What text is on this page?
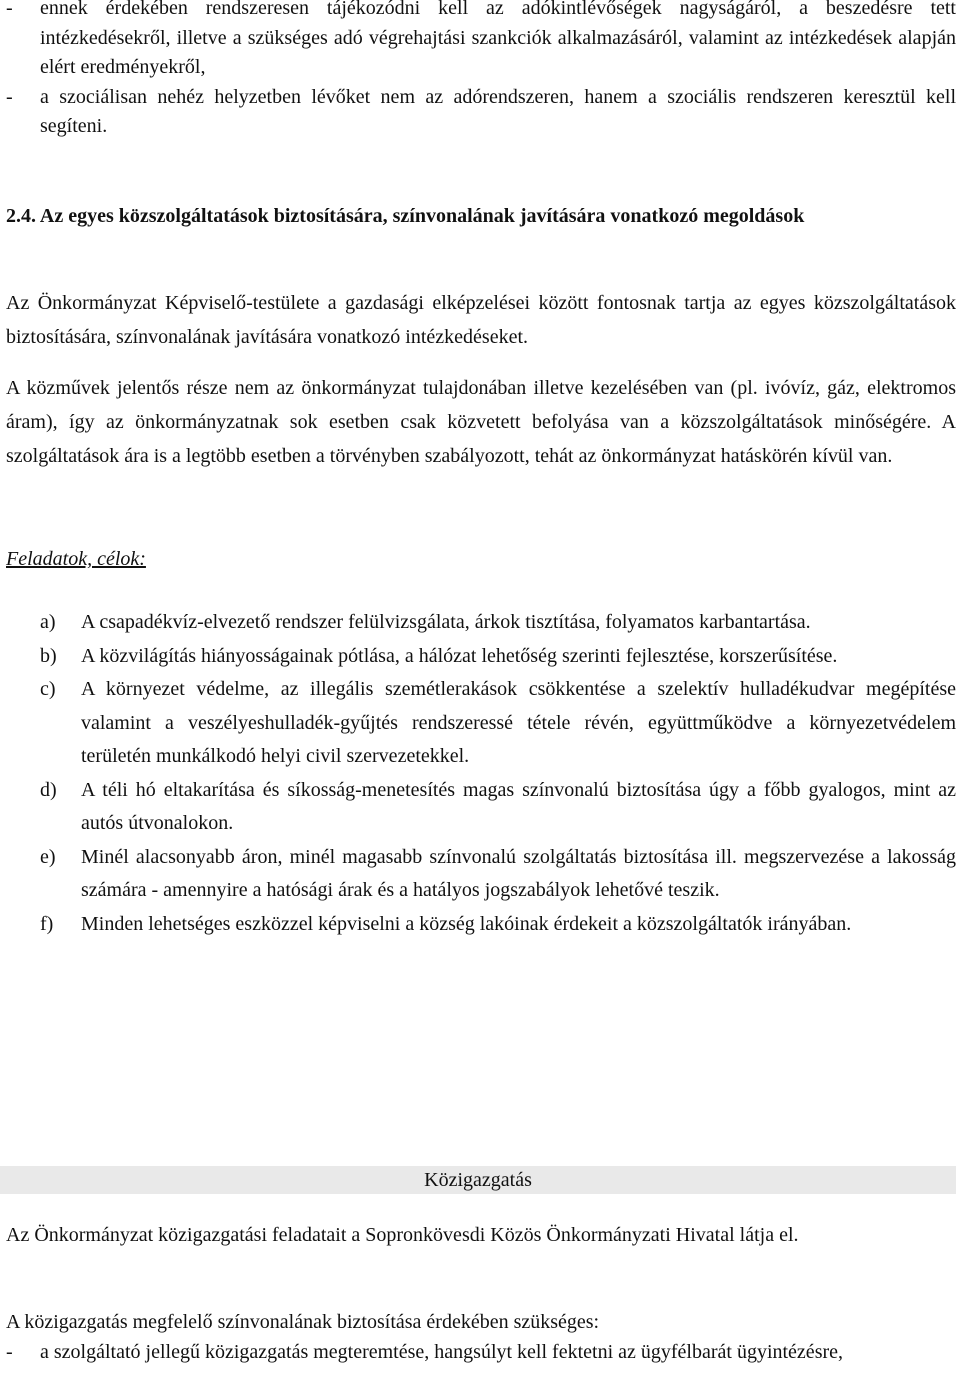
- ennek érdekében rendszeresen tájékozódni kell az adókintlévőségek nagyságáról, a beszedésre tett intézkedésekről, illetve a szükséges adó végrehajtási szankciók alkalmazásáról, valamint az intézkedések alapján elért eredményekről,
- a szociálisan nehéz helyzetben lévőket nem az adórendszeren, hanem a szociális rendszeren keresztül kell segíteni.
2.4. Az egyes közszolgáltatások biztosítására, színvonalának javítására vonatkozó megoldások
Az Önkormányzat Képviselő-testülete a gazdasági elképzelései között fontosnak tartja az egyes közszolgáltatások biztosítására, színvonalának javítására vonatkozó intézkedéseket.
A közművek jelentős része nem az önkormányzat tulajdonában illetve kezelésében van (pl. ivóvíz, gáz, elektromos áram), így az önkormányzatnak sok esetben csak közvetett befolyása van a közszolgáltatások minőségére. A szolgáltatások ára is a legtöbb esetben a törvényben szabályozott, tehát az önkormányzat hatáskörén kívül van.
Feladatok, célok:
a) A csapadékvíz-elvezető rendszer felülvizsgálata, árkok tisztítása, folyamatos karbantartása.
b) A közvilágítás hiányosságainak pótlása, a hálózat lehetőség szerinti fejlesztése, korszerűsítése.
c) A környezet védelme, az illegális szemétlerakások csökkentése a szelektív hulladékudvar megépítése valamint a veszélyeshulladék-gyűjtés rendszeressé tétele révén, együttműködve a környezetvédelem területén munkálkodó helyi civil szervezetekkel.
d) A téli hó eltakarítása és síkosság-menetesítés magas színvonalú biztosítása úgy a főbb gyalogos, mint az autós útvonalokon.
e) Minél alacsonyabb áron, minél magasabb színvonalú szolgáltatás biztosítása ill. megszervezése a lakosság számára - amennyire a hatósági árak és a hatályos jogszabályok lehetővé teszik.
f) Minden lehetséges eszközzel képviselni a község lakóinak érdekeit a közszolgáltatók irányában.
Közigazgatás
Az Önkormányzat közigazgatási feladatait a Sopronkövesdi Közös Önkormányzati Hivatal látja el.
A közigazgatás megfelelő színvonalának biztosítása érdekében szükséges:
- a szolgáltató jellegű közigazgatás megteremtése, hangsúlyt kell fektetni az ügyfélbarát ügyintézésre,
